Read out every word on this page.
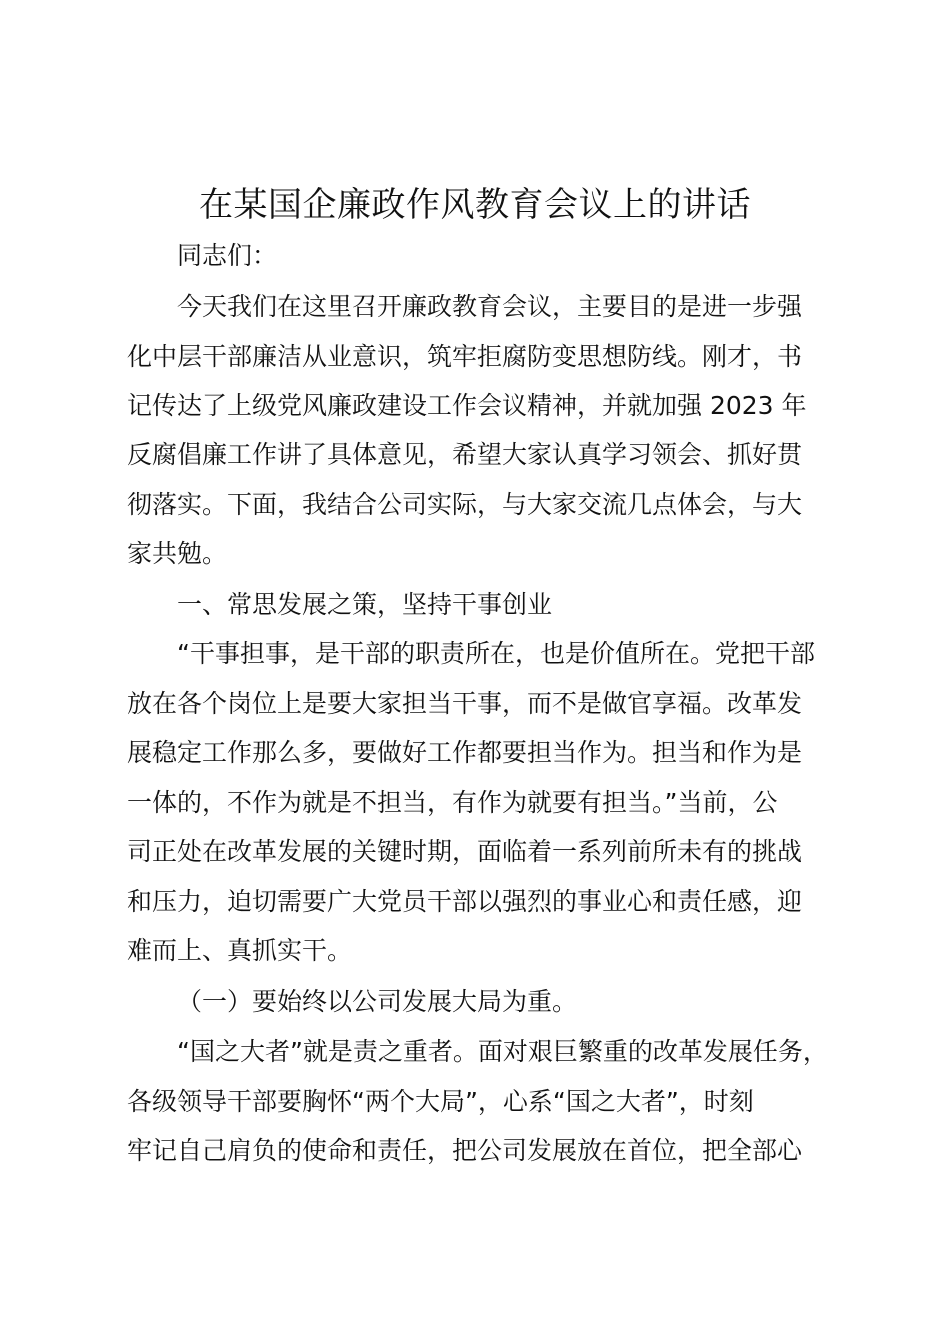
在某国企廉政作风教育会议上的讲话
同志们：
今天我们在这里召开廉政教育会议，主要目的是进一步强
化中层干部廉洁从业意识，筑牢拒腐防变思想防线。刚才，书
记传达了上级党风廉政建设工作会议精神，并就加强 2023 年
反腐倡廉工作讲了具体意见，希望大家认真学习领会、抓好贯
彻落实。下面，我结合公司实际，与大家交流几点体会，与大
家共勉。
一、常思发展之策，坚持干事创业
“干事担事，是干部的职责所在，也是价值所在。党把干部
放在各个岗位上是要大家担当干事，而不是做官享福。改革发
展稳定工作那么多，要做好工作都要担当作为。担当和作为是
一体的，不作为就是不担当，有作为就要有担当。”当前，公
司正处在改革发展的关键时期，面临着一系列前所未有的挑战
和压力，迫切需要广大党员干部以强烈的事业心和责任感，迎
难而上、真抓实干。
（一）要始终以公司发展大局为重。
“国之大者”就是责之重者。面对艰巨繁重的改革发展任务，
各级领导干部要胸怀“两个大局”，心系“国之大者”，时刻
牢记自己肩负的使命和责任，把公司发展放在首位，把全部心
